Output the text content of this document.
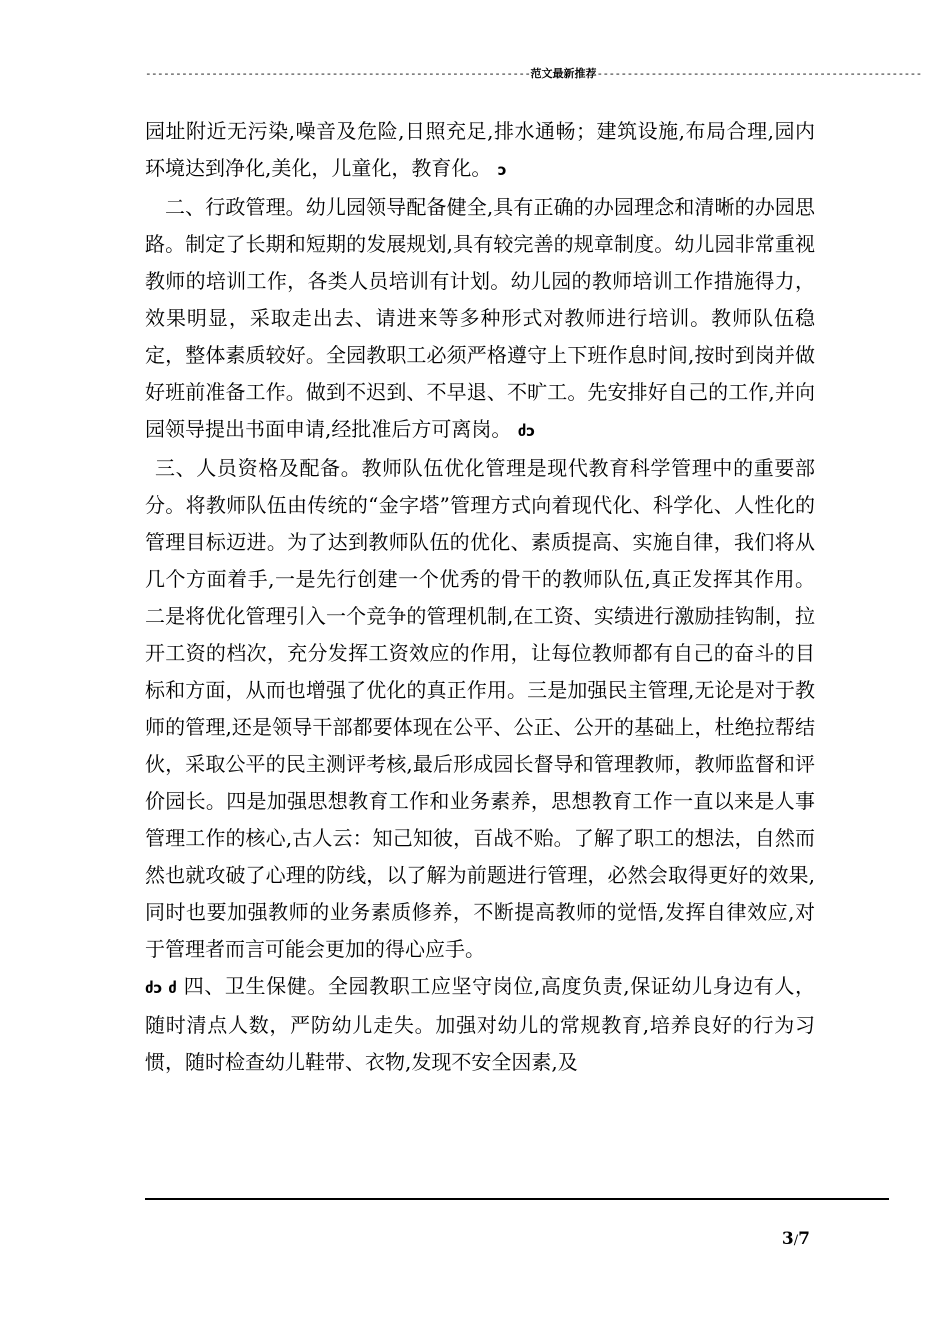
----------------------------------------------------------------范文最新推荐------------------------------------------------------

园址附近无污染,噪音及危险,日照充足,排水通畅；建筑设施,布局合理,园内环境达到净化,美化，儿童化，教育化。 ↄ

二、行政管理。幼儿园领导配备健全,具有正确的办园理念和清晰的办园思路。制定了长期和短期的发展规划,具有较完善的规章制度。幼儿园非常重视教师的培训工作，各类人员培训有计划。幼儿园的教师培训工作措施得力，效果明显，采取走出去、请进来等多种形式对教师进行培训。教师队伍稳定，整体素质较好。全园教职工必须严格遵守上下班作息时间,按时到岗并做好班前准备工作。做到不迟到、不早退、不旷工。先安排好自己的工作,并向园领导提出书面申请,经批准后方可离岗。 ძↄ

三、人员资格及配备。教师队伍优化管理是现代教育科学管理中的重要部分。将教师队伍由传统的“金字塔”管理方式向着现代化、科学化、人性化的管理目标迈进。为了达到教师队伍的优化、素质提高、实施自律，我们将从几个方面着手,一是先行创建一个优秀的骨干的教师队伍,真正发挥其作用。二是将优化管理引入一个竞争的管理机制,在工资、实绩进行激励挂钩制，拉开工资的档次，充分发挥工资效应的作用，让每位教师都有自己的奋斗的目标和方面，从而也增强了优化的真正作用。三是加强民主管理,无论是对于教师的管理,还是领导干部都要体现在公平、公正、公开的基础上，杜绝拉帮结伙，采取公平的民主测评考核,最后形成园长督导和管理教师，教师监督和评价园长。四是加强思想教育工作和业务素养，思想教育工作一直以来是人事管理工作的核心,古人云：知己知彼，百战不贻。了解了职工的想法，自然而然也就攻破了心理的防线，以了解为前题进行管理，必然会取得更好的效果,同时也要加强教师的业务素质修养，不断提高教师的觉悟,发挥自律效应,对于管理者而言可能会更加的得心应手。

ძↄ ძ 四、卫生保健。全园教职工应坚守岗位,高度负责,保证幼儿身边有人，随时清点人数，严防幼儿走失。加强对幼儿的常规教育,培养良好的行为习惯，随时检查幼儿鞋带、衣物,发现不安全因素,及

3/7
